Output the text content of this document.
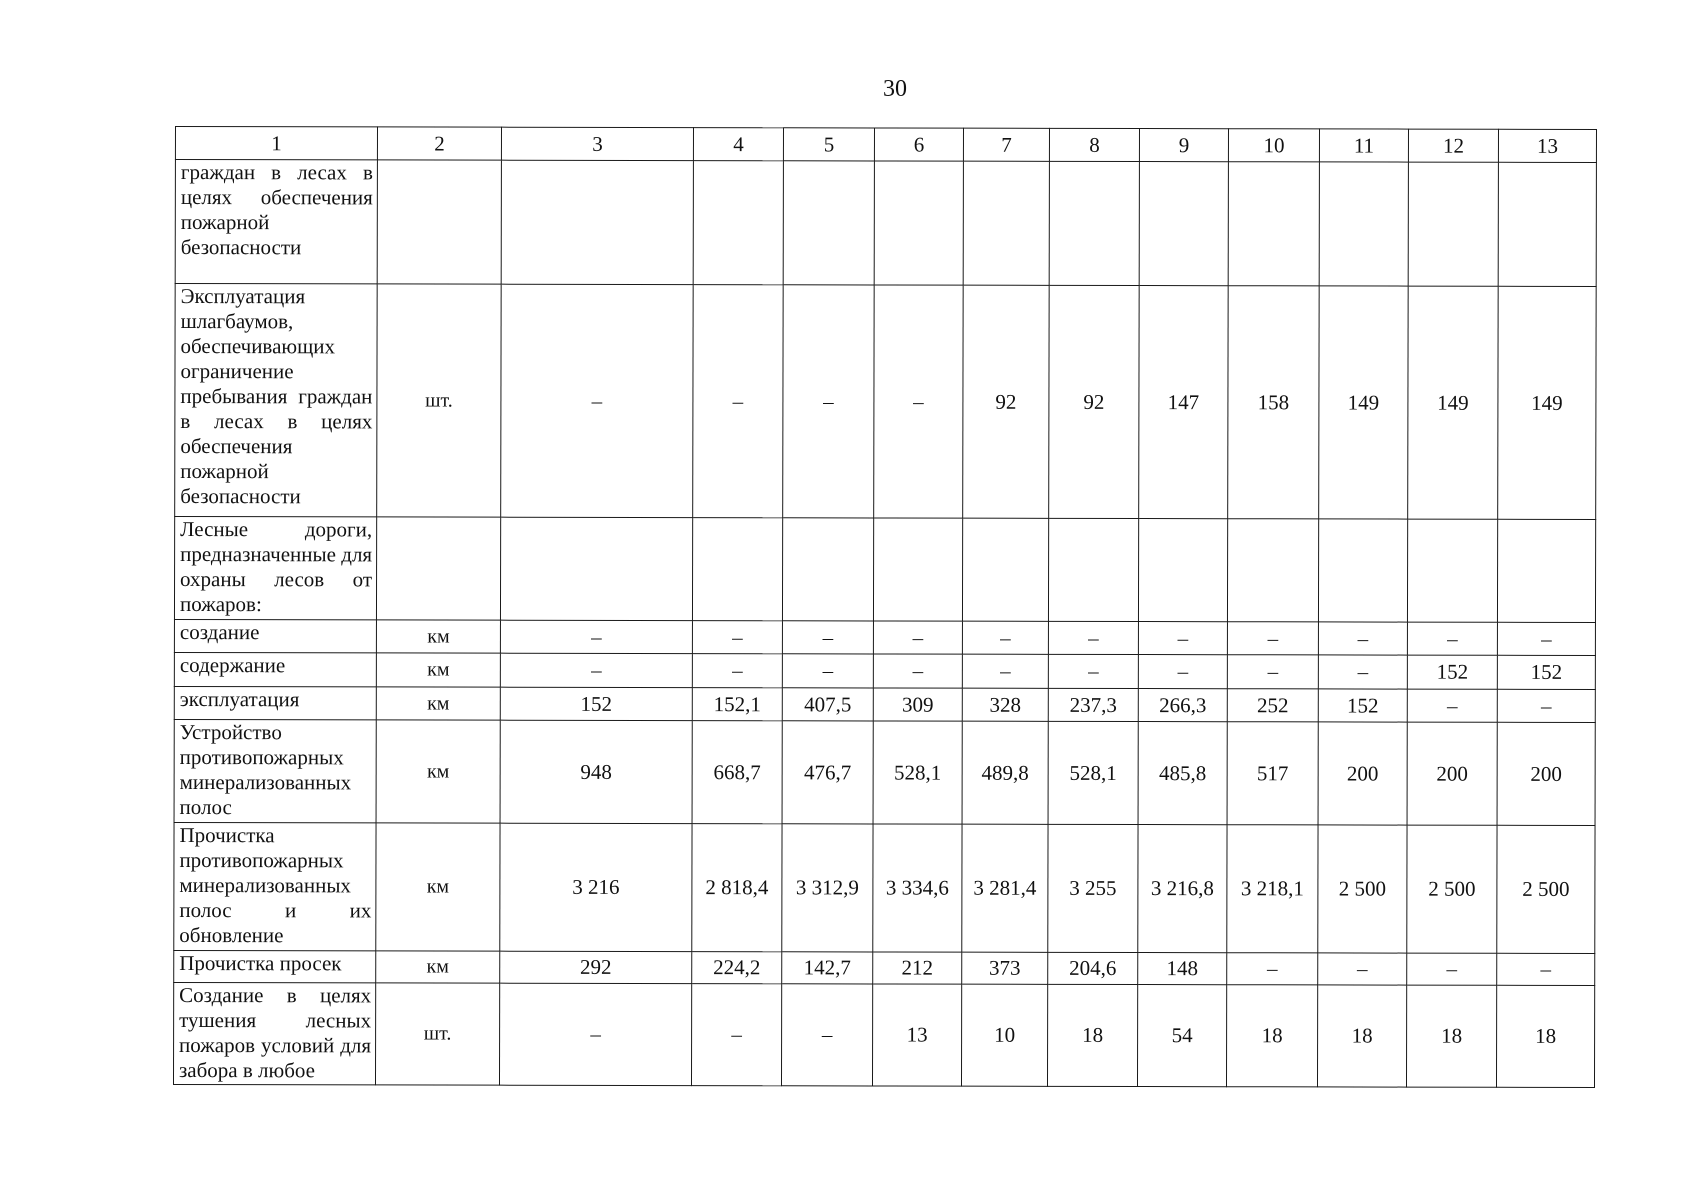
30
1	2	3	4	5	6	7	8	9	10	11	12	13
граждан в лесах в целях обеспечения пожарной безопасности												
Эксплуатация шлагбаумов, обеспечивающих ограничение пребывания граждан в лесах в целях обеспечения пожарной безопасности	шт.	–	–	–	–	92	92	147	158	149	149	149
Лесные дороги, предназначенные для охраны лесов от пожаров:												
создание	км	–	–	–	–	–	–	–	–	–	–	–
содержание	км	–	–	–	–	–	–	–	–	–	152	152
эксплуатация	км	152	152,1	407,5	309	328	237,3	266,3	252	152	–	–
Устройство противопожарных минерализованных полос	км	948	668,7	476,7	528,1	489,8	528,1	485,8	517	200	200	200
Прочистка противопожарных минерализованных полос и их обновление	км	3 216	2 818,4	3 312,9	3 334,6	3 281,4	3 255	3 216,8	3 218,1	2 500	2 500	2 500
Прочистка просек	км	292	224,2	142,7	212	373	204,6	148	–	–	–	–
Создание в целях тушения лесных пожаров условий для забора в любое	шт.	–	–	–	13	10	18	54	18	18	18	18
